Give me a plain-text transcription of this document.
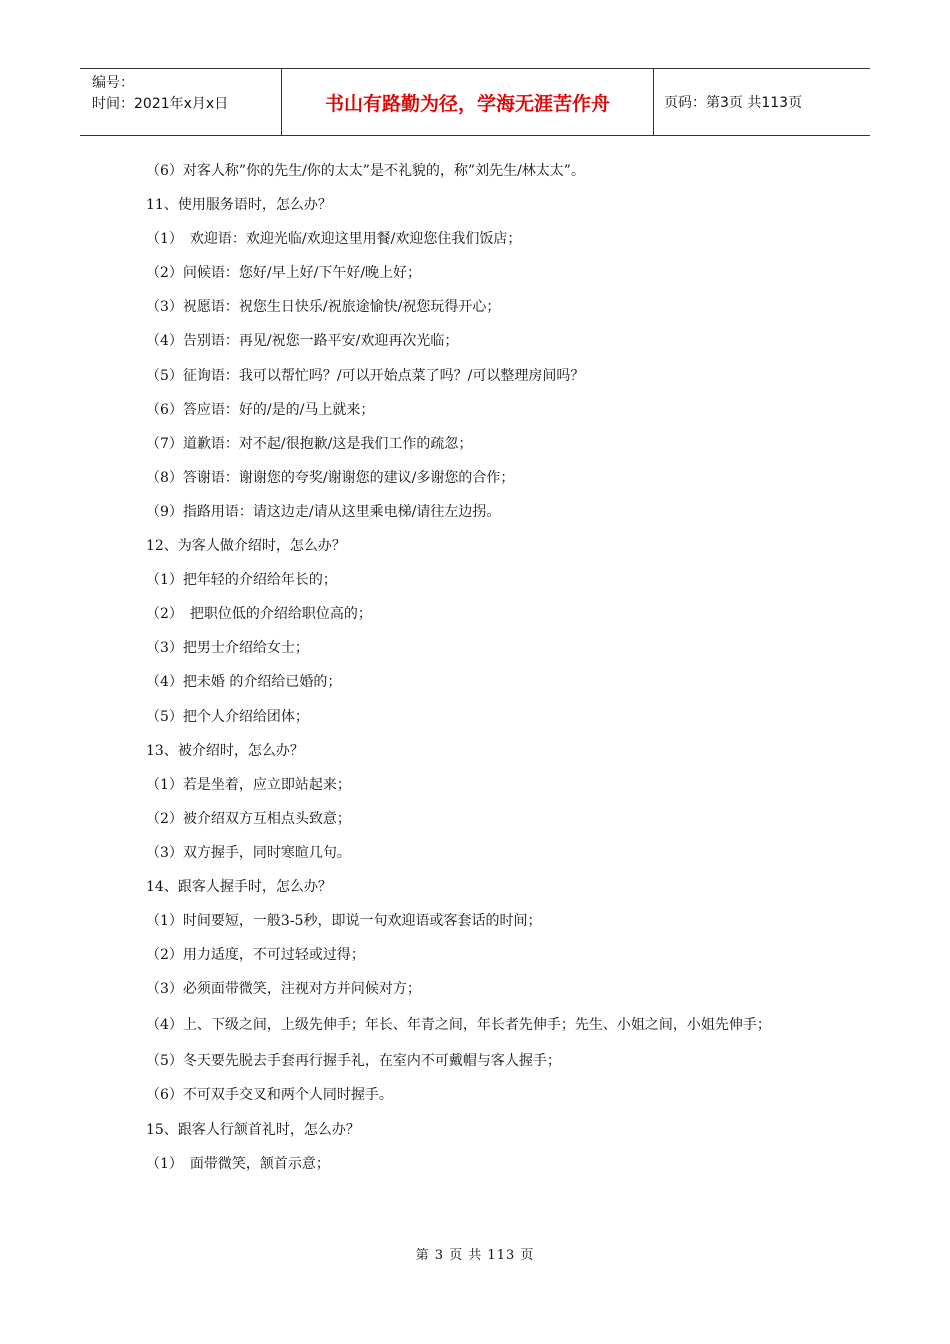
编号：
时间：2021年x月x日	书山有路勤为径，学海无涯苦作舟	页码：第3页 共113页
（6）对客人称”你的先生/你的太太”是不礼貌的，称”刘先生/林太太”。
11、使用服务语时，怎么办？
（1）　欢迎语：欢迎光临/欢迎这里用餐/欢迎您住我们饭店；
（2）问候语：您好/早上好/下午好/晚上好；
（3）祝愿语：祝您生日快乐/祝旅途愉快/祝您玩得开心；
（4）告别语：再见/祝您一路平安/欢迎再次光临；
（5）征询语：我可以帮忙吗？/可以开始点菜了吗？/可以整理房间吗？
（6）答应语：好的/是的/马上就来；
（7）道歉语：对不起/很抱歉/这是我们工作的疏忽；
（8）答谢语：谢谢您的夸奖/谢谢您的建议/多谢您的合作；
（9）指路用语：请这边走/请从这里乘电梯/请往左边拐。
12、为客人做介绍时，怎么办？
（1）把年轻的介绍给年长的；
（2）　把职位低的介绍给职位高的；
（3）把男士介绍给女士；
（4）把未婚 的介绍给已婚的；
（5）把个人介绍给团体；
13、被介绍时，怎么办？
（1）若是坐着，应立即站起来；
（2）被介绍双方互相点头致意；
（3）双方握手，同时寒暄几句。
14、跟客人握手时，怎么办？
（1）时间要短，一般3-5秒，即说一句欢迎语或客套话的时间；
（2）用力适度，不可过轻或过得；
（3）必须面带微笑，注视对方并问候对方；
（4）上、下级之间，上级先伸手；年长、年青之间，年长者先伸手；先生、小姐之间，小姐先伸手；
（5）冬天要先脱去手套再行握手礼，在室内不可戴帽与客人握手；
（6）不可双手交叉和两个人同时握手。
15、跟客人行颔首礼时，怎么办？
（1）　面带微笑，颔首示意；
第 3 页 共 113 页
